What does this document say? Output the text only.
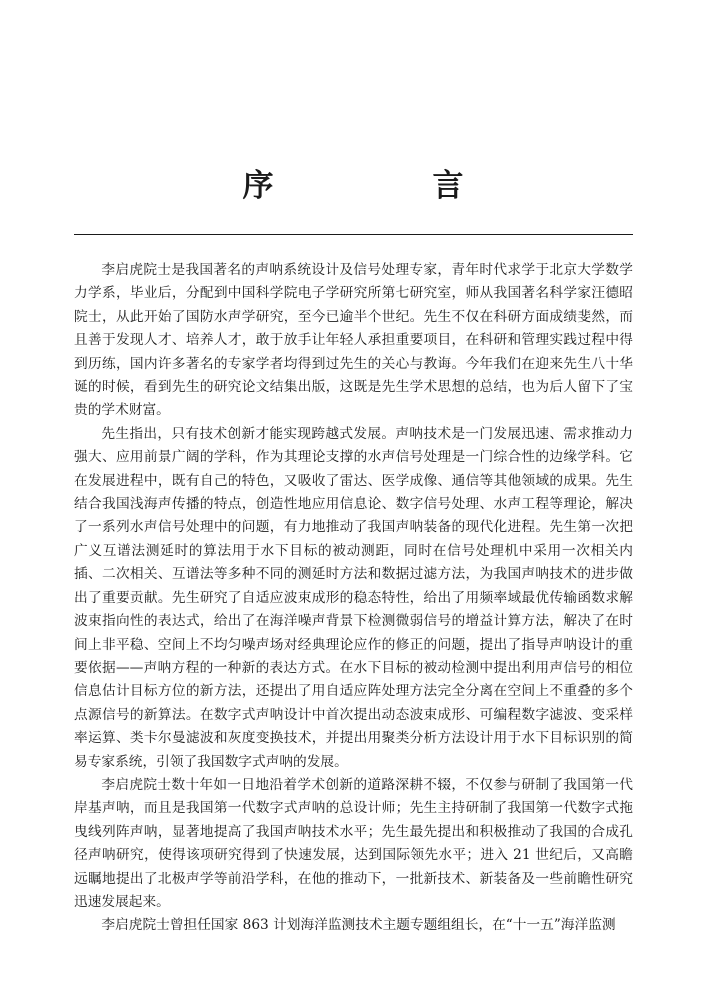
序　言

李启虎院士是我国著名的声呐系统设计及信号处理专家，青年时代求学于北京大学数学力学系，毕业后，分配到中国科学院电子学研究所第七研究室，师从我国著名科学家汪德昭院士，从此开始了国防水声学研究，至今已逾半个世纪。先生不仅在科研方面成绩斐然，而且善于发现人才、培养人才，敢于放手让年轻人承担重要项目，在科研和管理实践过程中得到历练，国内许多著名的专家学者均得到过先生的关心与教诲。今年我们在迎来先生八十华诞的时候，看到先生的研究论文结集出版，这既是先生学术思想的总结，也为后人留下了宝贵的学术财富。

先生指出，只有技术创新才能实现跨越式发展。声呐技术是一门发展迅速、需求推动力强大、应用前景广阔的学科，作为其理论支撑的水声信号处理是一门综合性的边缘学科。它在发展进程中，既有自己的特色，又吸收了雷达、医学成像、通信等其他领域的成果。先生结合我国浅海声传播的特点，创造性地应用信息论、数字信号处理、水声工程等理论，解决了一系列水声信号处理中的问题，有力地推动了我国声呐装备的现代化进程。先生第一次把广义互谱法测延时的算法用于水下目标的被动测距，同时在信号处理机中采用一次相关内插、二次相关、互谱法等多种不同的测延时方法和数据过滤方法，为我国声呐技术的进步做出了重要贡献。先生研究了自适应波束成形的稳态特性，给出了用频率域最优传输函数求解波束指向性的表达式，给出了在海洋噪声背景下检测微弱信号的增益计算方法，解决了在时间上非平稳、空间上不均匀噪声场对经典理论应作的修正的问题，提出了指导声呐设计的重要依据——声呐方程的一种新的表达方式。在水下目标的被动检测中提出利用声信号的相位信息估计目标方位的新方法，还提出了用自适应阵处理方法完全分离在空间上不重叠的多个点源信号的新算法。在数字式声呐设计中首次提出动态波束成形、可编程数字滤波、变采样率运算、类卡尔曼滤波和灰度变换技术，并提出用聚类分析方法设计用于水下目标识别的简易专家系统，引领了我国数字式声呐的发展。

李启虎院士数十年如一日地沿着学术创新的道路深耕不辍，不仅参与研制了我国第一代岸基声呐，而且是我国第一代数字式声呐的总设计师；先生主持研制了我国第一代数字式拖曳线列阵声呐，显著地提高了我国声呐技术水平；先生最先提出和积极推动了我国的合成孔径声呐研究，使得该项研究得到了快速发展，达到国际领先水平；进入 21 世纪后，又高瞻远瞩地提出了北极声学等前沿学科，在他的推动下，一批新技术、新装备及一些前瞻性研究迅速发展起来。

李启虎院士曾担任国家 863 计划海洋监测技术主题专题组组长，在“十一五”海洋监测
